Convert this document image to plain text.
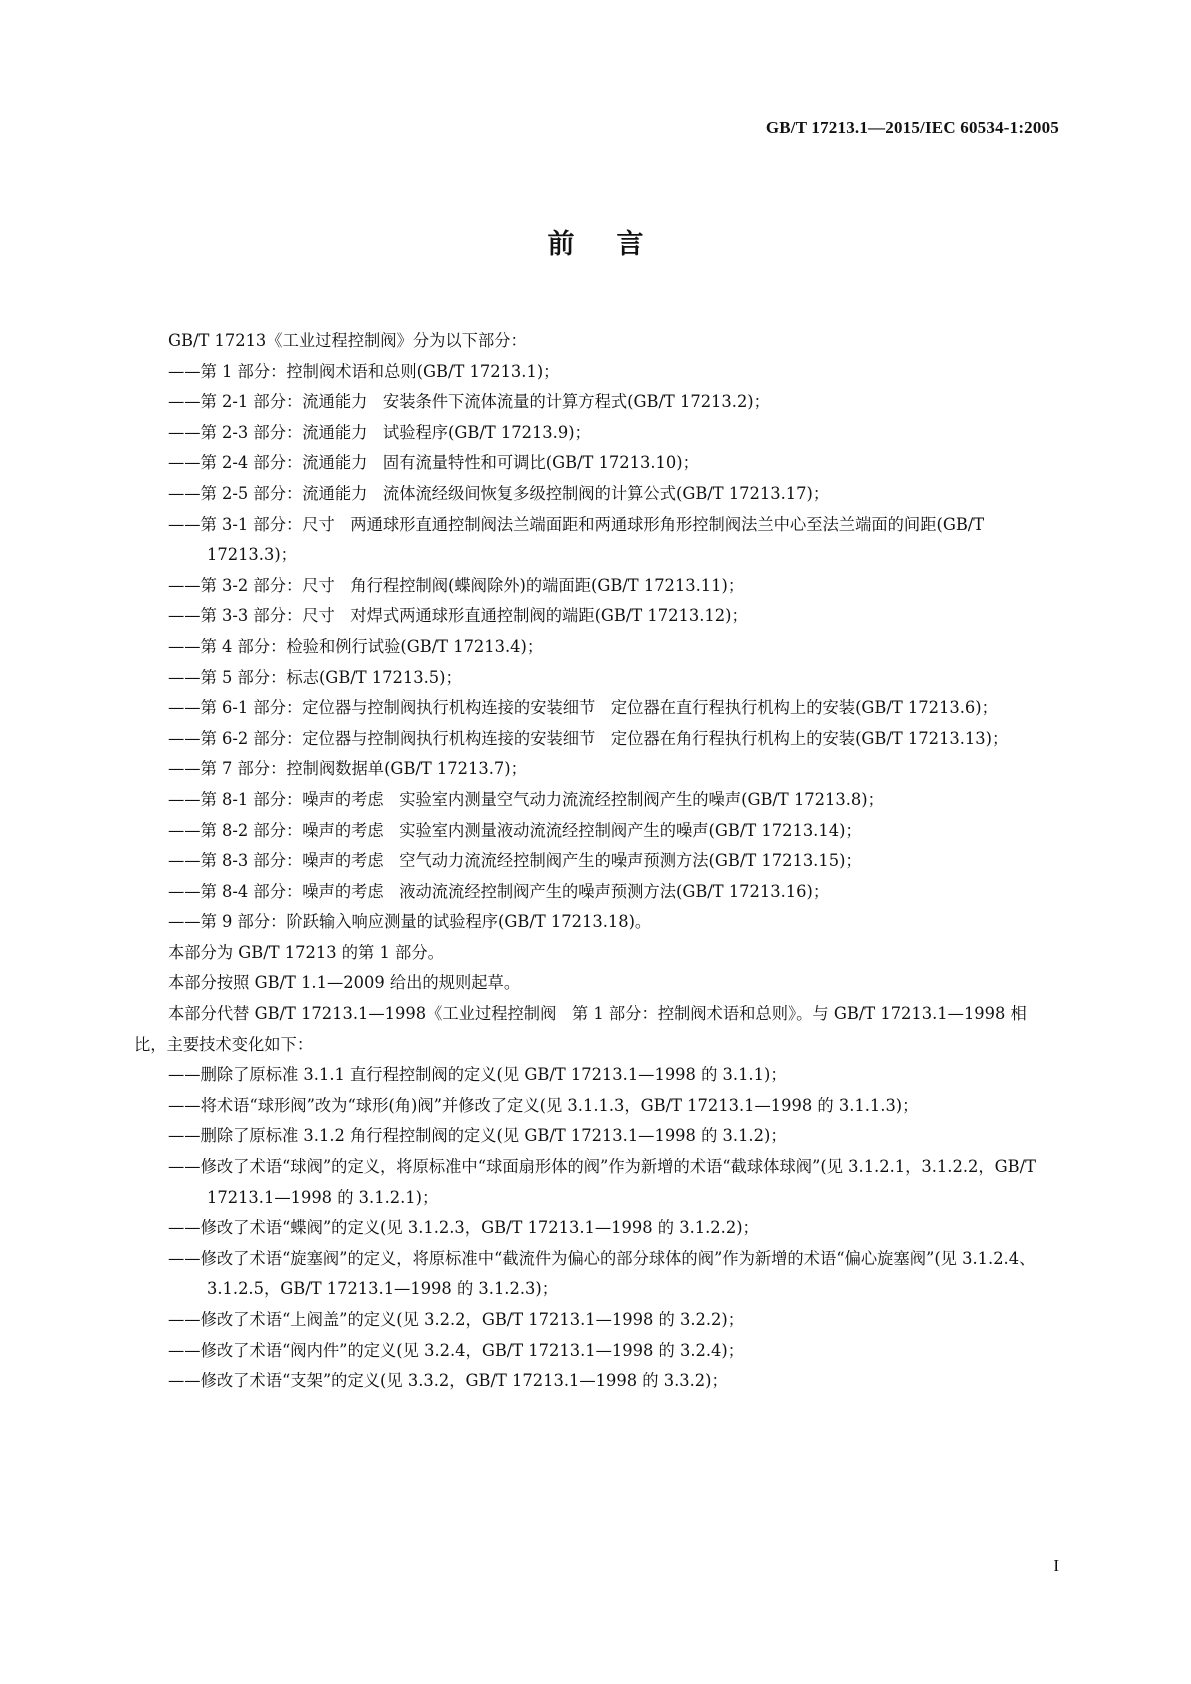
GB/T 17213.1—2015/IEC 60534-1:2005
前言

GB/T 17213《工业过程控制阀》分为以下部分：

——第 1 部分：控制阀术语和总则(GB/T 17213.1)；

——第 2-1 部分：流通能力   安装条件下流体流量的计算方程式(GB/T 17213.2)；

——第 2-3 部分：流通能力   试验程序(GB/T 17213.9)；

——第 2-4 部分：流通能力   固有流量特性和可调比(GB/T 17213.10)；

——第 2-5 部分：流通能力   流体流经级间恢复多级控制阀的计算公式(GB/T 17213.17)；

——第 3-1 部分：尺寸   两通球形直通控制阀法兰端面距和两通球形角形控制阀法兰中心至法兰端面的间距(GB/T 17213.3)；

——第 3-2 部分：尺寸   角行程控制阀(蝶阀除外)的端面距(GB/T 17213.11)；

——第 3-3 部分：尺寸   对焊式两通球形直通控制阀的端距(GB/T 17213.12)；

——第 4 部分：检验和例行试验(GB/T 17213.4)；

——第 5 部分：标志(GB/T 17213.5)；

——第 6-1 部分：定位器与控制阀执行机构连接的安装细节   定位器在直行程执行机构上的安装(GB/T 17213.6)；

——第 6-2 部分：定位器与控制阀执行机构连接的安装细节   定位器在角行程执行机构上的安装(GB/T 17213.13)；

——第 7 部分：控制阀数据单(GB/T 17213.7)；

——第 8-1 部分：噪声的考虑   实验室内测量空气动力流流经控制阀产生的噪声(GB/T 17213.8)；

——第 8-2 部分：噪声的考虑   实验室内测量液动流流经控制阀产生的噪声(GB/T 17213.14)；

——第 8-3 部分：噪声的考虑   空气动力流流经控制阀产生的噪声预测方法(GB/T 17213.15)；

——第 8-4 部分：噪声的考虑   液动流流经控制阀产生的噪声预测方法(GB/T 17213.16)；

——第 9 部分：阶跃输入响应测量的试验程序(GB/T 17213.18)。

本部分为 GB/T 17213 的第 1 部分。

本部分按照 GB/T 1.1—2009 给出的规则起草。

本部分代替 GB/T 17213.1—1998《工业过程控制阀   第 1 部分：控制阀术语和总则》。与 GB/T 17213.1—1998 相比，主要技术变化如下：

——删除了原标准 3.1.1 直行程控制阀的定义(见 GB/T 17213.1—1998 的 3.1.1)；

——将术语“球形阀”改为“球形(角)阀”并修改了定义(见 3.1.1.3，GB/T 17213.1—1998 的 3.1.1.3)；

——删除了原标准 3.1.2 角行程控制阀的定义(见 GB/T 17213.1—1998 的 3.1.2)；

——修改了术语“球阀”的定义，将原标准中“球面扇形体的阀”作为新增的术语“截球体球阀”(见 3.1.2.1，3.1.2.2，GB/T 17213.1—1998 的 3.1.2.1)；

——修改了术语“蝶阀”的定义(见 3.1.2.3，GB/T 17213.1—1998 的 3.1.2.2)；

——修改了术语“旋塞阀”的定义，将原标准中“截流件为偏心的部分球体的阀”作为新增的术语“偏心旋塞阀”(见 3.1.2.4、3.1.2.5，GB/T 17213.1—1998 的 3.1.2.3)；

——修改了术语“上阀盖”的定义(见 3.2.2，GB/T 17213.1—1998 的 3.2.2)；

——修改了术语“阀内件”的定义(见 3.2.4，GB/T 17213.1—1998 的 3.2.4)；

——修改了术语“支架”的定义(见 3.3.2，GB/T 17213.1—1998 的 3.3.2)；

I
